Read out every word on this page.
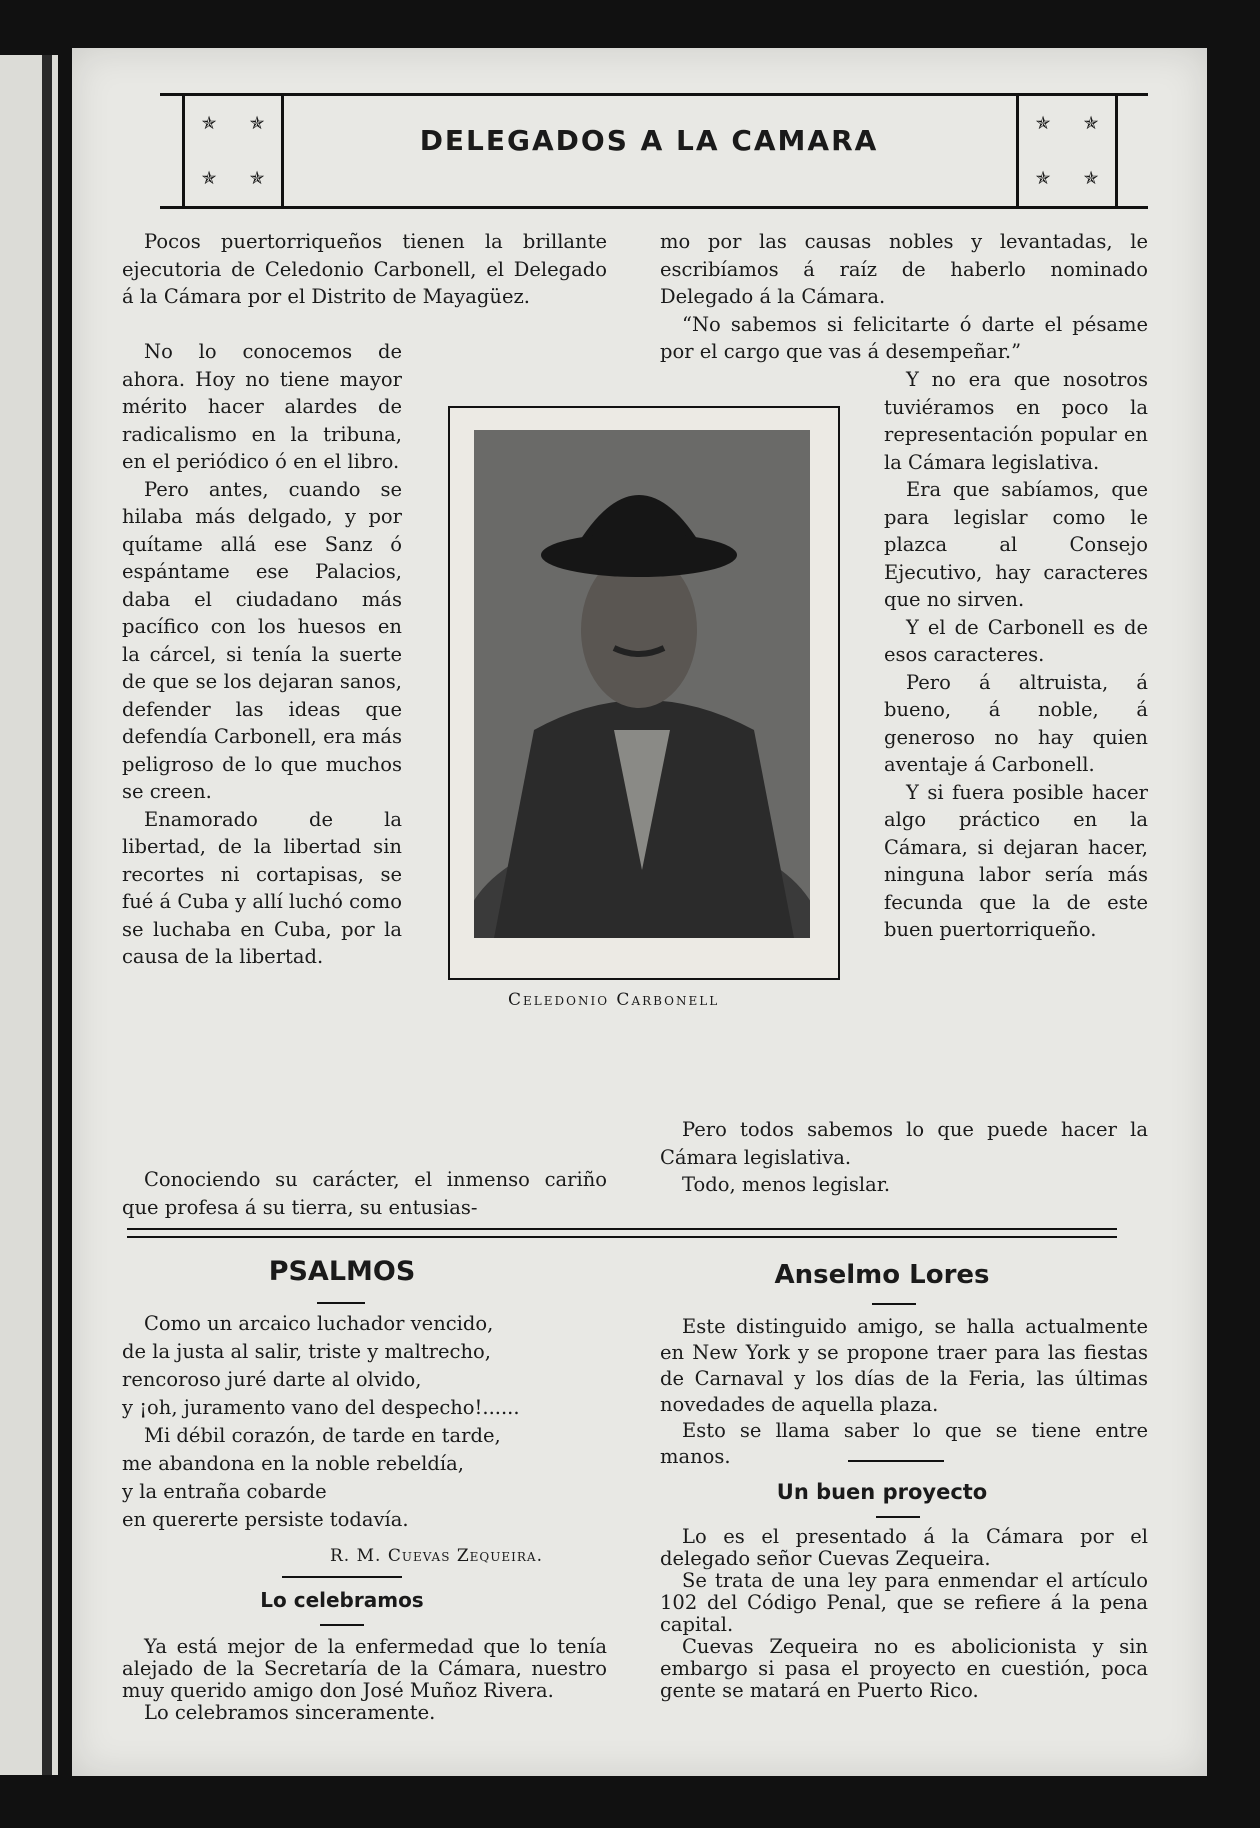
✯ ✯
✯ ✯
DELEGADOS A LA CAMARA
✯ ✯
✯ ✯

Pocos puertorriqueños tienen la brillante ejecutoria de Celedonio Carbonell, el Delegado á la Cámara por el Distrito de Mayagüez.

No lo conocemos de ahora. Hoy no tiene mayor mérito hacer alardes de radicalismo en la tribuna, en el periódico ó en el libro.

Pero antes, cuando se hilaba más delgado, y por quítame allá ese Sanz ó espántame ese Palacios, daba el ciudadano más pacífico con los huesos en la cárcel, si tenía la suerte de que se los dejaran sanos, defender las ideas que defendía Carbonell, era más peligroso de lo que muchos se creen.

Enamorado de la libertad, de la libertad sin recortes ni cortapisas, se fué á Cuba y allí luchó como se luchaba en Cuba, por la causa de la libertad.

Conociendo su carácter, el inmenso cariño que profesa á su tierra, su entusias-

mo por las causas nobles y levantadas, le escribíamos á raíz de haberlo nominado Delegado á la Cámara.

“No sabemos si felicitarte ó darte el pésame por el cargo que vas á desempeñar.”

Y no era que nosotros tuviéramos en poco la representación popular en la Cámara legislativa.

Era que sabíamos, que para legislar como le plazca al Consejo Ejecutivo, hay caracteres que no sirven.

Y el de Carbonell es de esos caracteres.

Pero á altruista, á bueno, á noble, á generoso no hay quien aventaje á Carbonell.

Y si fuera posible hacer algo práctico en la Cámara, si dejaran hacer, ninguna labor sería más fecunda que la de este buen puertorriqueño.

Pero todos sabemos lo que puede hacer la Cámara legislativa.

Todo, menos legislar.

PSALMOS
Como un arcaico luchador vencido,
de la justa al salir, triste y maltrecho,
rencoroso juré darte al olvido,
y ¡oh, juramento vano del despecho!......
Mi débil corazón, de tarde en tarde,
me abandona en la noble rebeldía,
y la entraña cobarde
en quererte persiste todavía.
R. M. Cuevas Zequeira.
Lo celebramos

Ya está mejor de la enfermedad que lo tenía alejado de la Secretaría de la Cámara, nuestro muy querido amigo don José Muñoz Rivera.

Lo celebramos sinceramente.

Anselmo Lores

Este distinguido amigo, se halla actualmente en New York y se propone traer para las fiestas de Carnaval y los días de la Feria, las últimas novedades de aquella plaza.

Esto se llama saber lo que se tiene entre manos.

Un buen proyecto

Lo es el presentado á la Cámara por el delegado señor Cuevas Zequeira.

Se trata de una ley para enmendar el artículo 102 del Código Penal, que se refiere á la pena capital.

Cuevas Zequeira no es abolicionista y sin embargo si pasa el proyecto en cuestión, poca gente se matará en Puerto Rico.

Celedonio Carbonell
